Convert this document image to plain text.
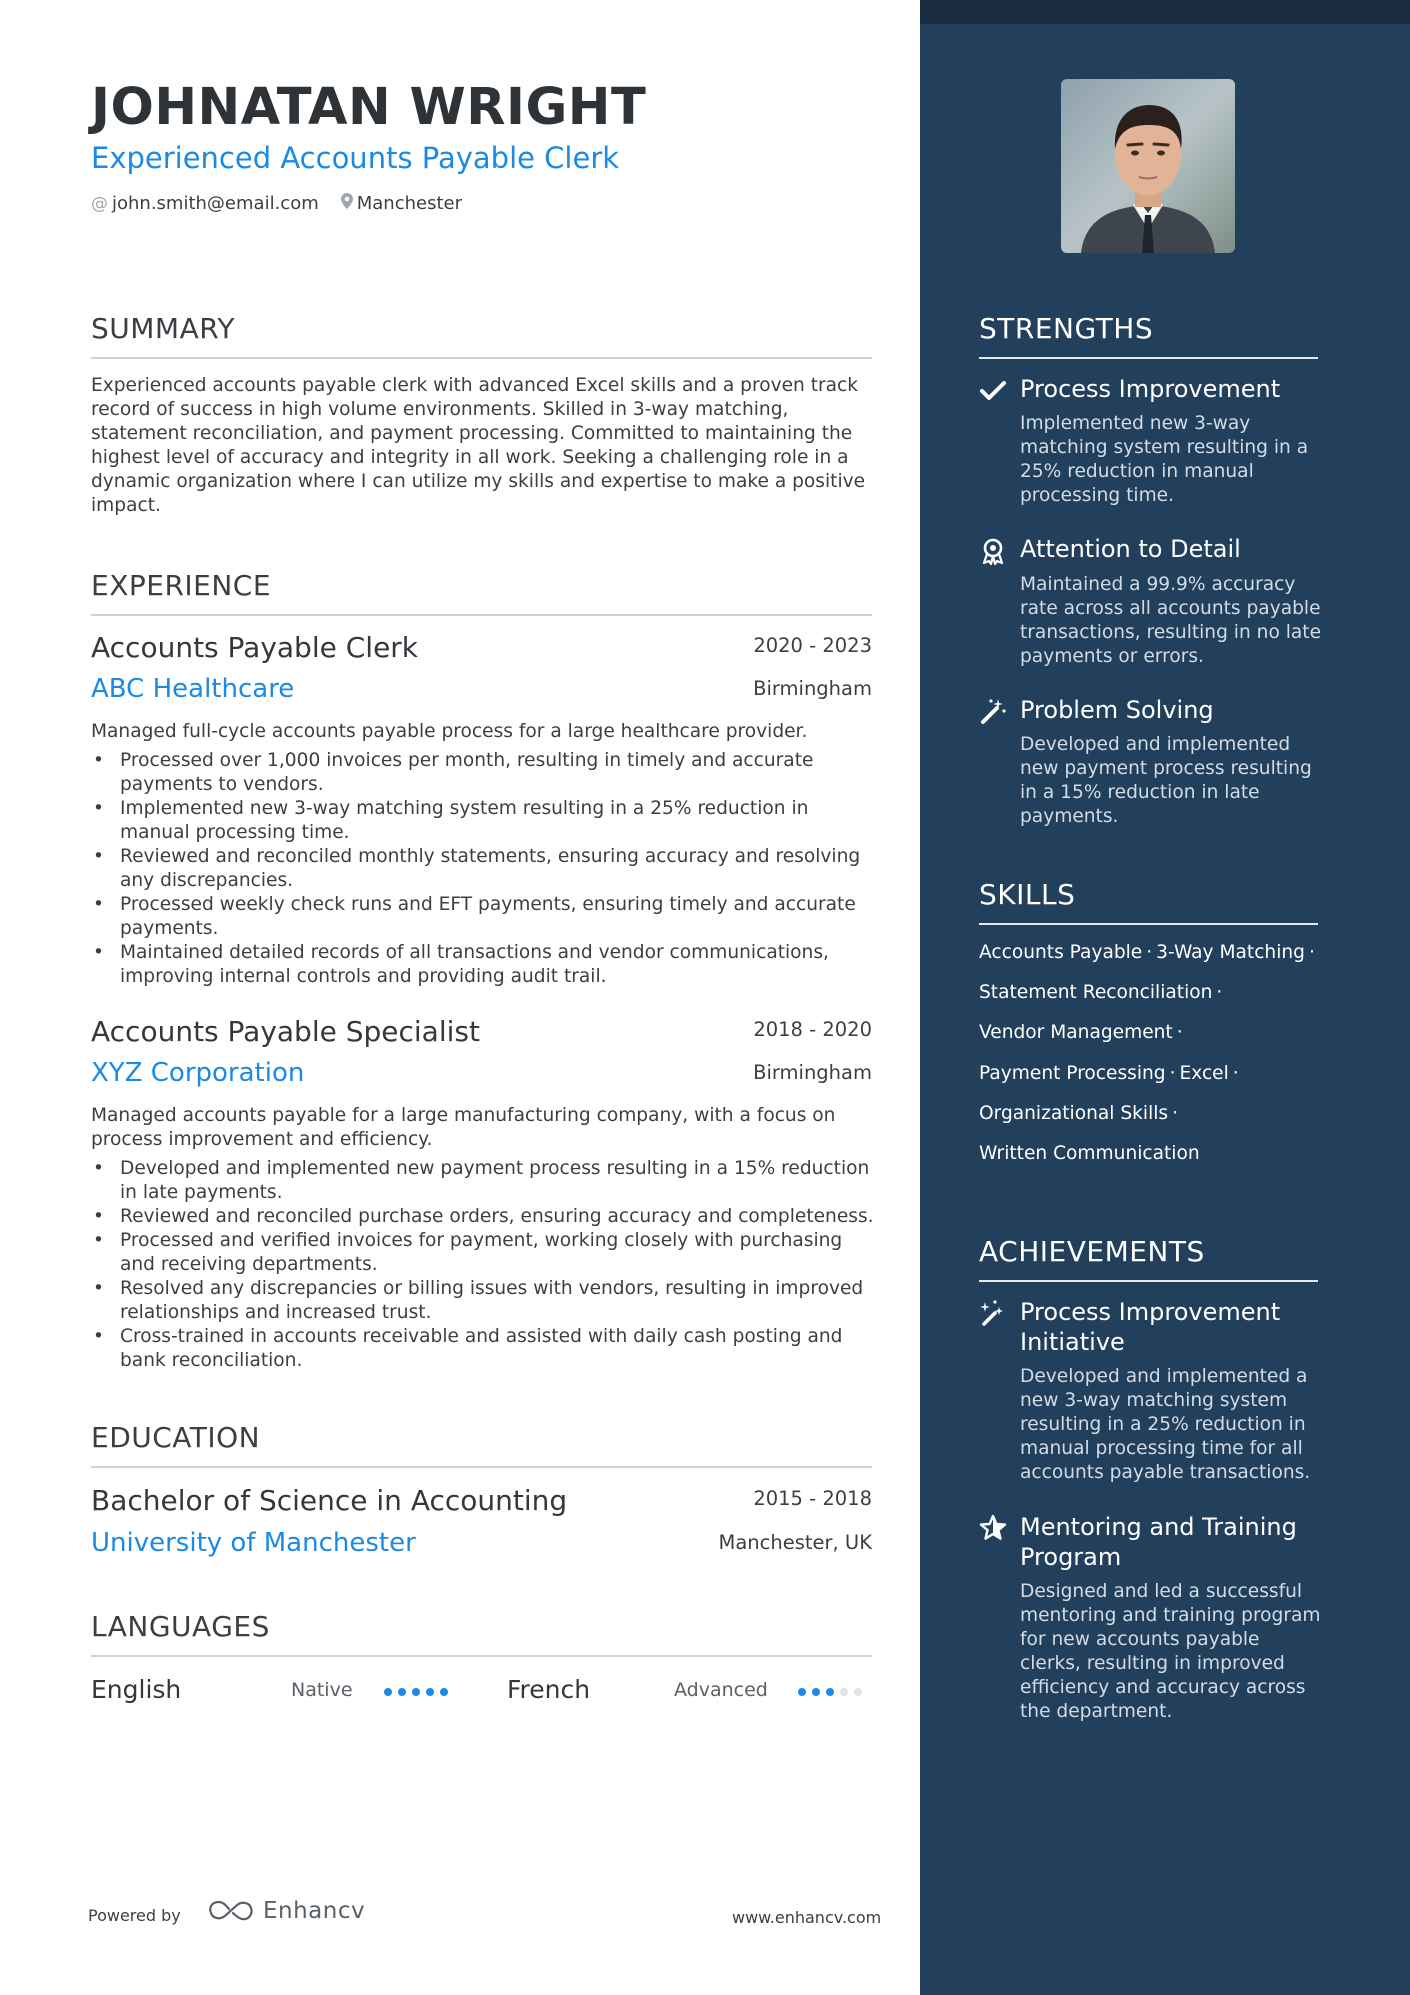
JOHNATAN WRIGHT
Experienced Accounts Payable Clerk
@ john.smith@email.com Manchester
SUMMARY

Experienced accounts payable clerk with advanced Excel skills and a proven track record of success in high volume environments. Skilled in 3-way matching, statement reconciliation, and payment processing. Committed to maintaining the highest level of accuracy and integrity in all work. Seeking a challenging role in a dynamic organization where I can utilize my skills and expertise to make a positive impact.

EXPERIENCE
Accounts Payable Clerk	2020 - 2023
ABC Healthcare	Birmingham
Managed full-cycle accounts payable process for a large healthcare provider.
• Processed over 1,000 invoices per month, resulting in timely and accurate payments to vendors.
• Implemented new 3-way matching system resulting in a 25% reduction in manual processing time.
• Reviewed and reconciled monthly statements, ensuring accuracy and resolving any discrepancies.
• Processed weekly check runs and EFT payments, ensuring timely and accurate payments.
• Maintained detailed records of all transactions and vendor communications, improving internal controls and providing audit trail.
Accounts Payable Specialist	2018 - 2020
XYZ Corporation	Birmingham
Managed accounts payable for a large manufacturing company, with a focus on process improvement and efficiency.
• Developed and implemented new payment process resulting in a 15% reduction in late payments.
• Reviewed and reconciled purchase orders, ensuring accuracy and completeness.
• Processed and verified invoices for payment, working closely with purchasing and receiving departments.
• Resolved any discrepancies or billing issues with vendors, resulting in improved relationships and increased trust.
• Cross-trained in accounts receivable and assisted with daily cash posting and bank reconciliation.
EDUCATION
Bachelor of Science in Accounting	2015 - 2018
University of Manchester	Manchester, UK
LANGUAGES
English	Native	French	Advanced
Powered by	Enhancv	www.enhancv.com
STRENGTHS
Process Improvement
Implemented new 3-way matching system resulting in a 25% reduction in manual processing time.
Attention to Detail
Maintained a 99.9% accuracy rate across all accounts payable transactions, resulting in no late payments or errors.
Problem Solving
Developed and implemented new payment process resulting in a 15% reduction in late payments.
SKILLS
Accounts Payable · 3-Way Matching ·
Statement Reconciliation ·
Vendor Management ·
Payment Processing · Excel ·
Organizational Skills ·
Written Communication
ACHIEVEMENTS
Process Improvement Initiative
Developed and implemented a new 3-way matching system resulting in a 25% reduction in manual processing time for all accounts payable transactions.
Mentoring and Training Program
Designed and led a successful mentoring and training program for new accounts payable clerks, resulting in improved efficiency and accuracy across the department.
